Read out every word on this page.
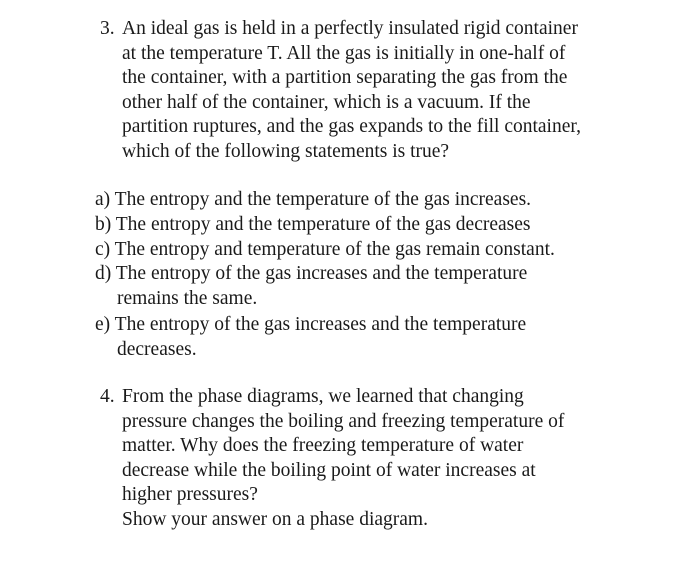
3. An ideal gas is held in a perfectly insulated rigid container
at the temperature T. All the gas is initially in one-half of
the container, with a partition separating the gas from the
other half of the container, which is a vacuum. If the
partition ruptures, and the gas expands to the fill container,
which of the following statements is true?
a) The entropy and the temperature of the gas increases.
b) The entropy and the temperature of the gas decreases
c) The entropy and temperature of the gas remain constant.
d) The entropy of the gas increases and the temperature
remains the same.
e) The entropy of the gas increases and the temperature
decreases.
4. From the phase diagrams, we learned that changing
pressure changes the boiling and freezing temperature of
matter. Why does the freezing temperature of water
decrease while the boiling point of water increases at
higher pressures?
Show your answer on a phase diagram.
